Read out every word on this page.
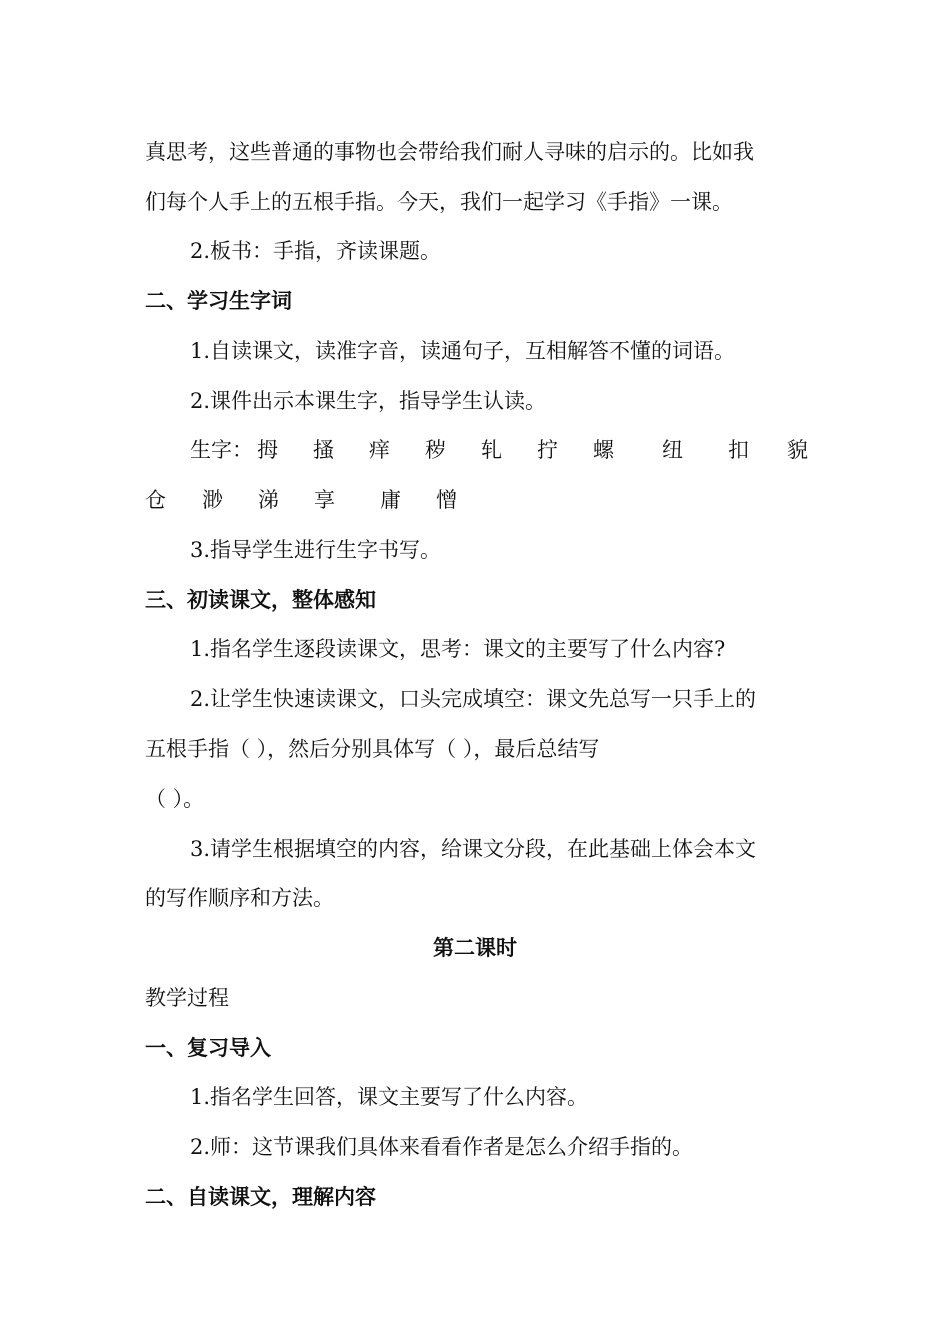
真思考，这些普通的事物也会带给我们耐人寻味的启示的。比如我
们每个人手上的五根手指。今天，我们一起学习《手指》一课。
2.板书：手指，齐读课题。
二、学习生字词
1.自读课文，读准字音，读通句子，互相解答不懂的词语。
2.课件出示本课生字，指导学生认读。
生字： 拇 搔 痒 秽 轧 拧 螺 纽 扣 貌
仓 渺 涕 享 庸 憎
3.指导学生进行生字书写。
三、初读课文，整体感知
1.指名学生逐段读课文，思考：课文的主要写了什么内容?
2.让学生快速读课文，口头完成填空：课文先总写一只手上的
五根手指（ ），然后分别具体写（ ），最后总结写
（ ）。
3.请学生根据填空的内容，给课文分段，在此基础上体会本文
的写作顺序和方法。
第二课时
教学过程
一、复习导入
1.指名学生回答，课文主要写了什么内容。
2.师：这节课我们具体来看看作者是怎么介绍手指的。
二、自读课文，理解内容
